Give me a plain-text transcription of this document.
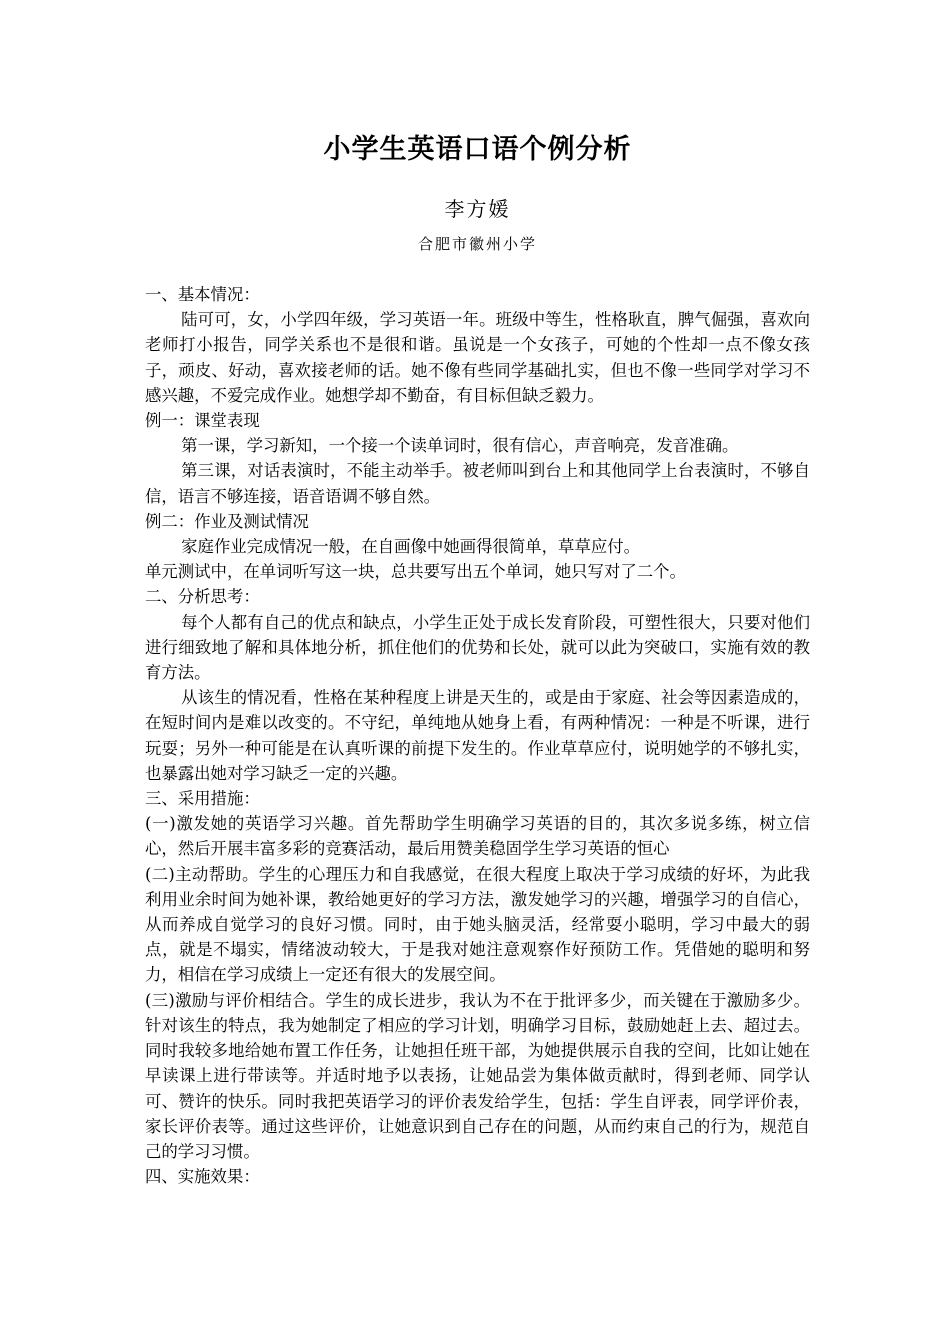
小学生英语口语个例分析
李方媛
合肥市徽州小学

一、基本情况：

陆可可，女，小学四年级，学习英语一年。班级中等生，性格耿直，脾气倔强，喜欢向老师打小报告，同学关系也不是很和谐。虽说是一个女孩子，可她的个性却一点不像女孩子，顽皮、好动，喜欢接老师的话。她不像有些同学基础扎实，但也不像一些同学对学习不感兴趣，不爱完成作业。她想学却不勤奋，有目标但缺乏毅力。

例一：课堂表现

第一课，学习新知，一个接一个读单词时，很有信心，声音响亮，发音准确。

第三课，对话表演时，不能主动举手。被老师叫到台上和其他同学上台表演时，不够自信，语言不够连接，语音语调不够自然。

例二：作业及测试情况

家庭作业完成情况一般，在自画像中她画得很简单，草草应付。

单元测试中，在单词听写这一块，总共要写出五个单词，她只写对了二个。

二、分析思考：

每个人都有自己的优点和缺点，小学生正处于成长发育阶段，可塑性很大，只要对他们进行细致地了解和具体地分析，抓住他们的优势和长处，就可以此为突破口，实施有效的教育方法。

从该生的情况看，性格在某种程度上讲是天生的，或是由于家庭、社会等因素造成的，在短时间内是难以改变的。不守纪，单纯地从她身上看，有两种情况：一种是不听课，进行玩耍；另外一种可能是在认真听课的前提下发生的。作业草草应付，说明她学的不够扎实，也暴露出她对学习缺乏一定的兴趣。

三、采用措施：

(一)激发她的英语学习兴趣。首先帮助学生明确学习英语的目的，其次多说多练，树立信心，然后开展丰富多彩的竞赛活动，最后用赞美稳固学生学习英语的恒心

(二)主动帮助。学生的心理压力和自我感觉，在很大程度上取决于学习成绩的好坏，为此我利用业余时间为她补课，教给她更好的学习方法，激发她学习的兴趣，增强学习的自信心，从而养成自觉学习的良好习惯。同时，由于她头脑灵活，经常耍小聪明，学习中最大的弱点，就是不塌实，情绪波动较大，于是我对她注意观察作好预防工作。凭借她的聪明和努力，相信在学习成绩上一定还有很大的发展空间。

(三)激励与评价相结合。学生的成长进步，我认为不在于批评多少，而关键在于激励多少。针对该生的特点，我为她制定了相应的学习计划，明确学习目标，鼓励她赶上去、超过去。同时我较多地给她布置工作任务，让她担任班干部，为她提供展示自我的空间，比如让她在早读课上进行带读等。并适时地予以表扬，让她品尝为集体做贡献时，得到老师、同学认可、赞许的快乐。同时我把英语学习的评价表发给学生，包括：学生自评表，同学评价表，家长评价表等。通过这些评价，让她意识到自己存在的问题，从而约束自己的行为，规范自己的学习习惯。

四、实施效果：
